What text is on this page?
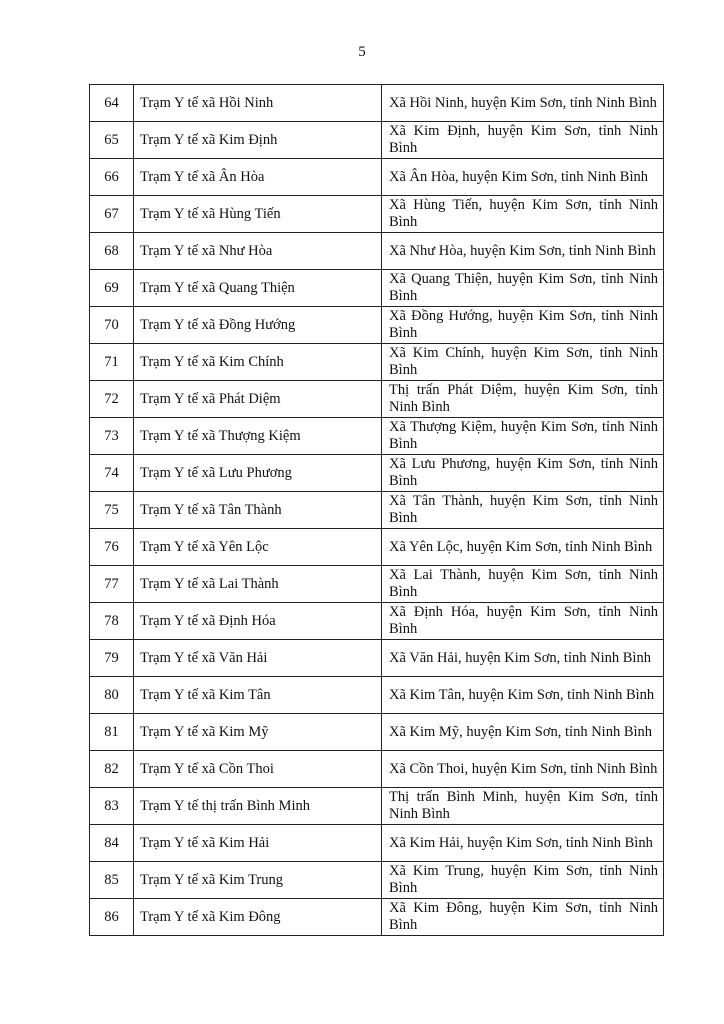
5
64	Trạm Y tế xã Hồi Ninh	Xã Hồi Ninh, huyện Kim Sơn, tỉnh Ninh Bình
65	Trạm Y tế xã Kim Định	Xã Kim Định, huyện Kim Sơn, tỉnh Ninh Bình
66	Trạm Y tế xã Ân Hòa	Xã Ân Hòa, huyện Kim Sơn, tỉnh Ninh Bình
67	Trạm Y tế xã Hùng Tiến	Xã Hùng Tiến, huyện Kim Sơn, tỉnh Ninh Bình
68	Trạm Y tế xã Như Hòa	Xã Như Hòa, huyện Kim Sơn, tỉnh Ninh Bình
69	Trạm Y tế xã Quang Thiện	Xã Quang Thiện, huyện Kim Sơn, tỉnh Ninh Bình
70	Trạm Y tế xã Đồng Hướng	Xã Đồng Hướng, huyện Kim Sơn, tỉnh Ninh Bình
71	Trạm Y tế xã Kim Chính	Xã Kim Chính, huyện Kim Sơn, tỉnh Ninh Bình
72	Trạm Y tế xã Phát Diệm	Thị trấn Phát Diệm, huyện Kim Sơn, tỉnh Ninh Bình
73	Trạm Y tế xã Thượng Kiệm	Xã Thượng Kiệm, huyện Kim Sơn, tỉnh Ninh Bình
74	Trạm Y tế xã Lưu Phương	Xã Lưu Phương, huyện Kim Sơn, tỉnh Ninh Bình
75	Trạm Y tế xã Tân Thành	Xã Tân Thành, huyện Kim Sơn, tỉnh Ninh Bình
76	Trạm Y tế xã Yên Lộc	Xã Yên Lộc, huyện Kim Sơn, tỉnh Ninh Bình
77	Trạm Y tế xã Lai Thành	Xã Lai Thành, huyện Kim Sơn, tỉnh Ninh Bình
78	Trạm Y tế xã Định Hóa	Xã Định Hóa, huyện Kim Sơn, tỉnh Ninh Bình
79	Trạm Y tế xã Văn Hải	Xã Văn Hải, huyện Kim Sơn, tỉnh Ninh Bình
80	Trạm Y tế xã Kim Tân	Xã Kim Tân, huyện Kim Sơn, tỉnh Ninh Bình
81	Trạm Y tế xã Kim Mỹ	Xã Kim Mỹ, huyện Kim Sơn, tỉnh Ninh Bình
82	Trạm Y tế xã Cồn Thoi	Xã Cồn Thoi, huyện Kim Sơn, tỉnh Ninh Bình
83	Trạm Y tế thị trấn Bình Minh	Thị trấn Bình Minh, huyện Kim Sơn, tỉnh Ninh Bình
84	Trạm Y tế xã Kim Hải	Xã Kim Hải, huyện Kim Sơn, tỉnh Ninh Bình
85	Trạm Y tế xã Kim Trung	Xã Kim Trung, huyện Kim Sơn, tỉnh Ninh Bình
86	Trạm Y tế xã Kim Đông	Xã Kim Đông, huyện Kim Sơn, tỉnh Ninh Bình
